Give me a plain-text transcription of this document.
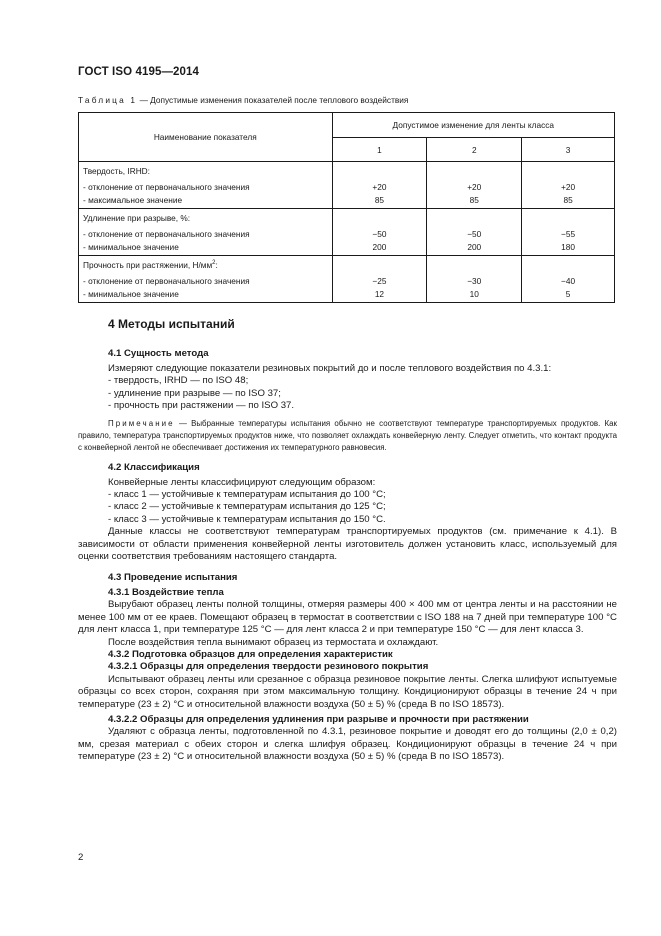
ГОСТ ISO 4195—2014
Таблица 1 — Допустимые изменения показателей после теплового воздействия
Наименование показателя	Допустимое изменение для ленты класса		
	1	2	3
Твердость, IRHD:			
- отклонение от первоначального значения	+20	+20	+20
- максимальное значение	85	85	85
Удлинение при разрыве, %:			
- отклонение от первоначального значения	−50	−50	−55
- минимальное значение	200	200	180
Прочность при растяжении, $Н/мм^2$:			
- отклонение от первоначального значения	−25	−30	−40
- минимальное значение	12	10	5

4 Методы испытаний

4.1 Сущность метода

Измеряют следующие показатели резиновых покрытий до и после теплового воздействия по 4.3.1:

- твердость, IRHD — по ISO 48;

- удлинение при разрыве — по ISO 37;

- прочность при растяжении — по ISO 37.

Примечание — Выбранные температуры испытания обычно не соответствуют температуре транспортируемых продуктов. Как правило, температура транспортируемых продуктов ниже, что позволяет охлаждать конвейерную ленту. Следует отметить, что контакт продукта с конвейерной лентой не обеспечивает достижения их температурного равновесия.

4.2 Классификация

Конвейерные ленты классифицируют следующим образом:

- класс 1 — устойчивые к температурам испытания до 100 °С;

- класс 2 — устойчивые к температурам испытания до 125 °С;

- класс 3 — устойчивые к температурам испытания до 150 °С.

Данные классы не соответствуют температурам транспортируемых продуктов (см. примечание к 4.1). В зависимости от области применения конвейерной ленты изготовитель должен установить класс, используемый для оценки соответствия требованиям настоящего стандарта.

4.3 Проведение испытания

4.3.1 Воздействие тепла

Вырубают образец ленты полной толщины, отмеряя размеры 400 × 400 мм от центра ленты и на расстоянии не менее 100 мм от ее краев. Помещают образец в термостат в соответствии с ISO 188 на 7 дней при температуре 100 °С для лент класса 1, при температуре 125 °С — для лент класса 2 и при температуре 150 °С — для лент класса 3.

После воздействия тепла вынимают образец из термостата и охлаждают.

4.3.2 Подготовка образцов для определения характеристик

4.3.2.1 Образцы для определения твердости резинового покрытия

Испытывают образец ленты или срезанное с образца резиновое покрытие ленты. Слегка шлифуют испытуемые образцы со всех сторон, сохраняя при этом максимальную толщину. Кондиционируют образцы в течение 24 ч при температуре (23 ± 2) °С и относительной влажности воздуха (50 ± 5) % (среда В по ISO 18573).

4.3.2.2 Образцы для определения удлинения при разрыве и прочности при растяжении

Удаляют с образца ленты, подготовленной по 4.3.1, резиновое покрытие и доводят его до толщины (2,0 ± 0,2) мм, срезая материал с обеих сторон и слегка шлифуя образец. Кондиционируют образцы в течение 24 ч при температуре (23 ± 2) °С и относительной влажности воздуха (50 ± 5) % (среда В по ISO 18573).

2
